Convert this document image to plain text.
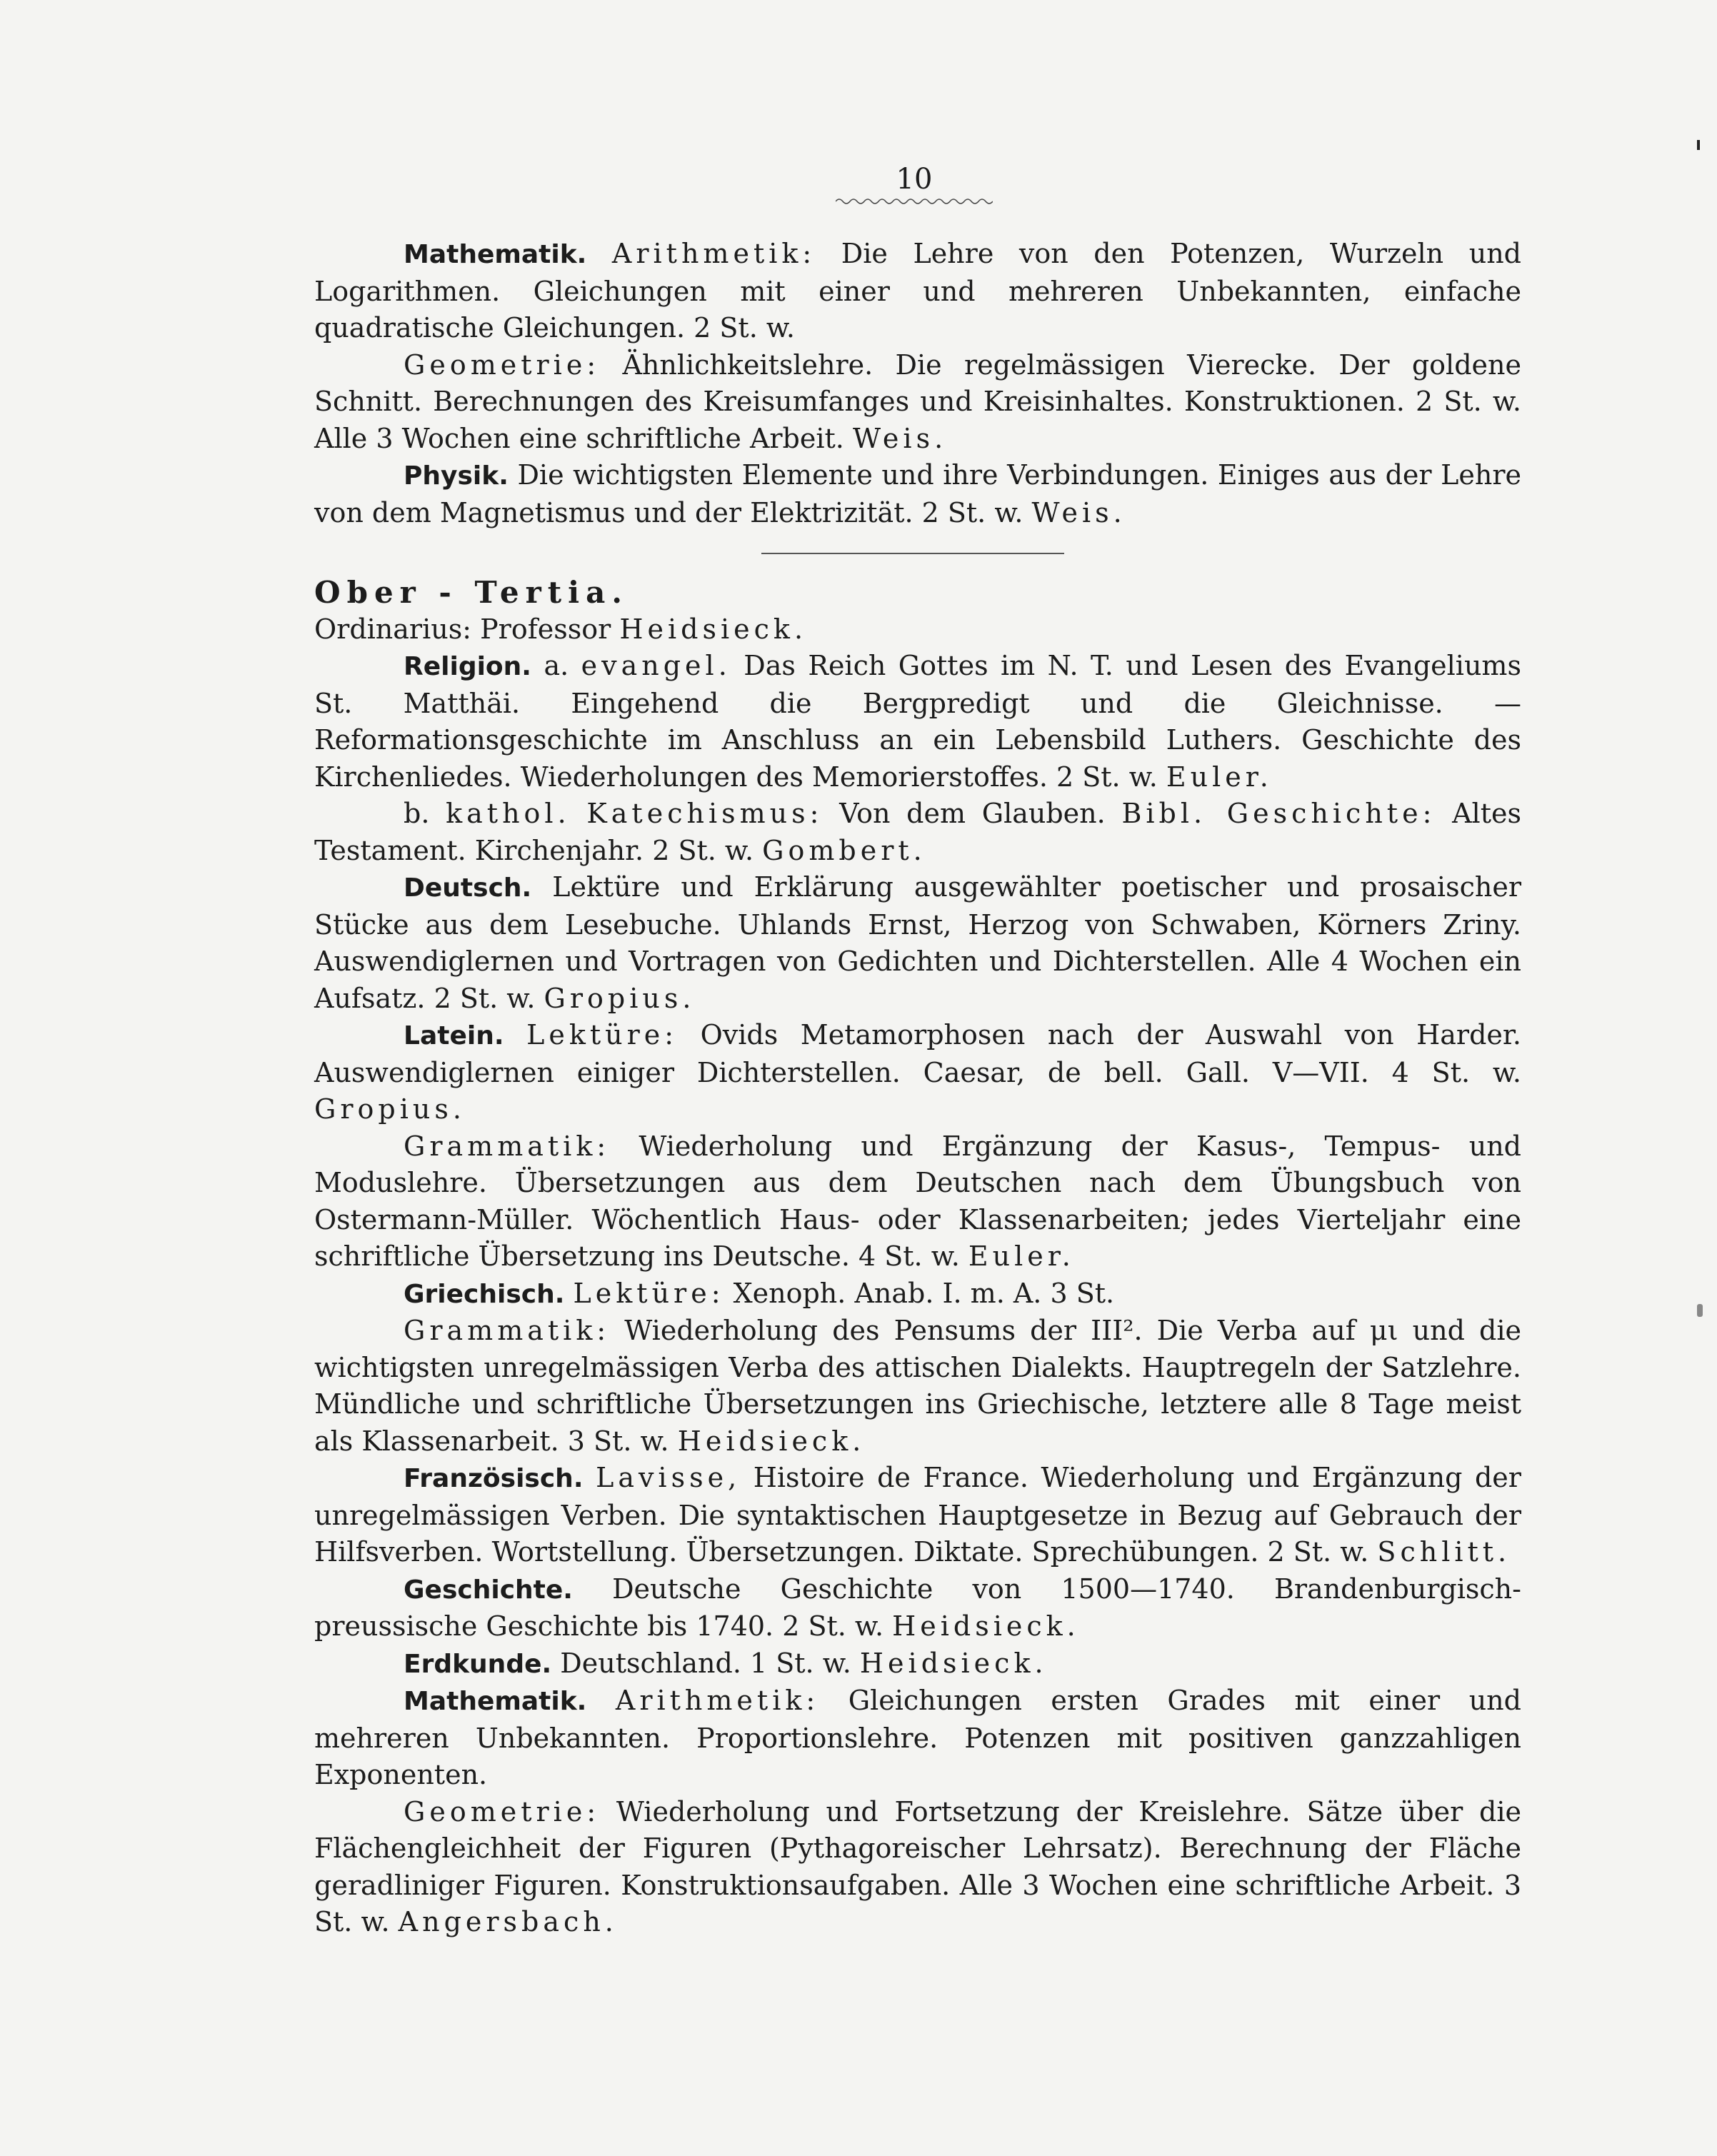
10

Mathematik. Arithmetik: Die Lehre von den Potenzen, Wurzeln und Logarithmen. Gleichungen mit einer und mehreren Unbekannten, einfache quadratische Gleichungen. 2 St. w.

Geometrie: Ähnlichkeitslehre. Die regelmässigen Vierecke. Der goldene Schnitt. Berechnungen des Kreisumfanges und Kreisinhaltes. Konstruktionen. 2 St. w. Alle 3 Wochen eine schriftliche Arbeit. Weis.

Physik. Die wichtigsten Elemente und ihre Verbindungen. Einiges aus der Lehre von dem Magnetismus und der Elektrizität. 2 St. w. Weis.

Ober - Tertia.

Ordinarius: Professor Heidsieck.

Religion. a. evangel. Das Reich Gottes im N. T. und Lesen des Evangeliums St. Matthäi. Eingehend die Bergpredigt und die Gleichnisse. — Reformationsgeschichte im Anschluss an ein Lebensbild Luthers. Geschichte des Kirchenliedes. Wiederholungen des Memorierstoffes. 2 St. w. Euler.

b. kathol. Katechismus: Von dem Glauben. Bibl. Geschichte: Altes Testament. Kirchenjahr. 2 St. w. Gombert.

Deutsch. Lektüre und Erklärung ausgewählter poetischer und prosaischer Stücke aus dem Lesebuche. Uhlands Ernst, Herzog von Schwaben, Körners Zriny. Auswendiglernen und Vortragen von Gedichten und Dichterstellen. Alle 4 Wochen ein Aufsatz. 2 St. w. Gropius.

Latein. Lektüre: Ovids Metamorphosen nach der Auswahl von Harder. Auswendiglernen einiger Dichterstellen. Caesar, de bell. Gall. V—VII. 4 St. w. Gropius.

Grammatik: Wiederholung und Ergänzung der Kasus-, Tempus- und Moduslehre. Übersetzungen aus dem Deutschen nach dem Übungsbuch von Ostermann-Müller. Wöchentlich Haus- oder Klassenarbeiten; jedes Vierteljahr eine schriftliche Übersetzung ins Deutsche. 4 St. w. Euler.

Griechisch. Lektüre: Xenoph. Anab. I. m. A. 3 St.

Grammatik: Wiederholung des Pensums der III². Die Verba auf μι und die wichtigsten unregelmässigen Verba des attischen Dialekts. Hauptregeln der Satzlehre. Mündliche und schriftliche Übersetzungen ins Griechische, letztere alle 8 Tage meist als Klassenarbeit. 3 St. w. Heidsieck.

Französisch. Lavisse, Histoire de France. Wiederholung und Ergänzung der unregelmässigen Verben. Die syntaktischen Hauptgesetze in Bezug auf Gebrauch der Hilfsverben. Wortstellung. Übersetzungen. Diktate. Sprechübungen. 2 St. w. Schlitt.

Geschichte. Deutsche Geschichte von 1500—1740. Brandenburgisch-preussische Geschichte bis 1740. 2 St. w. Heidsieck.

Erdkunde. Deutschland. 1 St. w. Heidsieck.

Mathematik. Arithmetik: Gleichungen ersten Grades mit einer und mehreren Unbekannten. Proportionslehre. Potenzen mit positiven ganzzahligen Exponenten.

Geometrie: Wiederholung und Fortsetzung der Kreislehre. Sätze über die Flächengleichheit der Figuren (Pythagoreischer Lehrsatz). Berechnung der Fläche geradliniger Figuren. Konstruktionsaufgaben. Alle 3 Wochen eine schriftliche Arbeit. 3 St. w. Angersbach.
